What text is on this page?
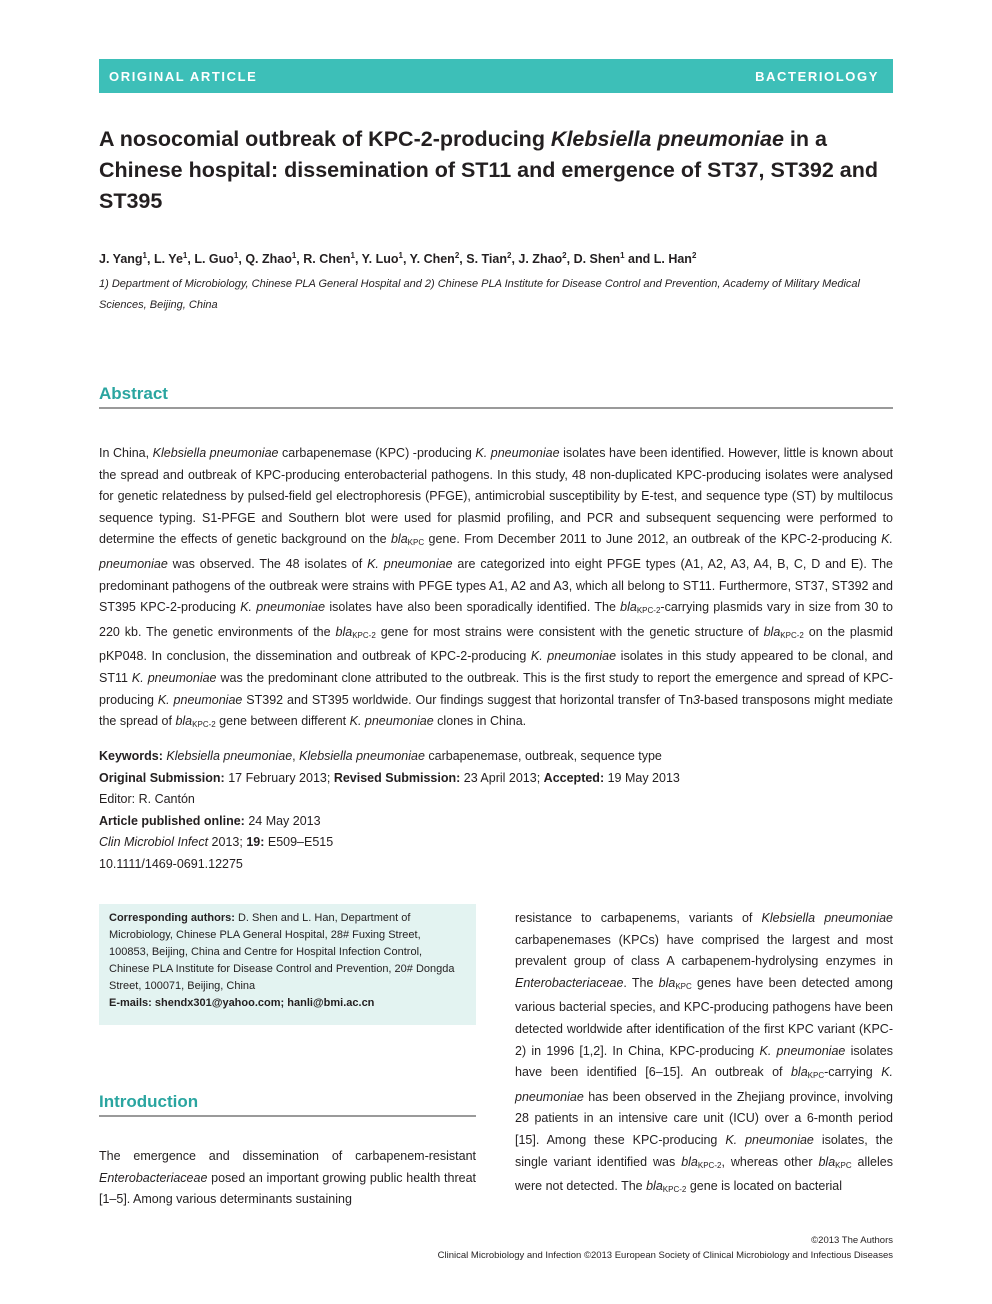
ORIGINAL ARTICLE	BACTERIOLOGY
A nosocomial outbreak of KPC-2-producing Klebsiella pneumoniae in a Chinese hospital: dissemination of ST11 and emergence of ST37, ST392 and ST395
J. Yang$^1$, L. Ye$^1$, L. Guo$^1$, Q. Zhao$^1$, R. Chen$^1$, Y. Luo$^1$, Y. Chen$^2$, S. Tian$^2$, J. Zhao$^2$, D. Shen$^1$ and L. Han$^2$
1) Department of Microbiology, Chinese PLA General Hospital and 2) Chinese PLA Institute for Disease Control and Prevention, Academy of Military Medical Sciences, Beijing, China
Abstract
In China, Klebsiella pneumoniae carbapenemase (KPC) -producing K. pneumoniae isolates have been identified. However, little is known about the spread and outbreak of KPC-producing enterobacterial pathogens. In this study, 48 non-duplicated KPC-producing isolates were analysed for genetic relatedness by pulsed-field gel electrophoresis (PFGE), antimicrobial susceptibility by E-test, and sequence type (ST) by multilocus sequence typing. S1-PFGE and Southern blot were used for plasmid profiling, and PCR and subsequent sequencing were performed to determine the effects of genetic background on the bla$_{KPC}$ gene. From December 2011 to June 2012, an outbreak of the KPC-2-producing K. pneumoniae was observed. The 48 isolates of K. pneumoniae are categorized into eight PFGE types (A1, A2, A3, A4, B, C, D and E). The predominant pathogens of the outbreak were strains with PFGE types A1, A2 and A3, which all belong to ST11. Furthermore, ST37, ST392 and ST395 KPC-2-producing K. pneumoniae isolates have also been sporadically identified. The bla$_{KPC-2}$-carrying plasmids vary in size from 30 to 220 kb. The genetic environments of the bla$_{KPC-2}$ gene for most strains were consistent with the genetic structure of bla$_{KPC-2}$ on the plasmid pKP048. In conclusion, the dissemination and outbreak of KPC-2-producing K. pneumoniae isolates in this study appeared to be clonal, and ST11 K. pneumoniae was the predominant clone attributed to the outbreak. This is the first study to report the emergence and spread of KPC-producing K. pneumoniae ST392 and ST395 worldwide. Our findings suggest that horizontal transfer of Tn3-based transposons might mediate the spread of bla$_{KPC-2}$ gene between different K. pneumoniae clones in China.
Keywords: Klebsiella pneumoniae, Klebsiella pneumoniae carbapenemase, outbreak, sequence type
Original Submission: 17 February 2013; Revised Submission: 23 April 2013; Accepted: 19 May 2013
Editor: R. Cantón
Article published online: 24 May 2013
Clin Microbiol Infect 2013; 19: E509–E515
10.1111/1469-0691.12275
Corresponding authors: D. Shen and L. Han, Department of Microbiology, Chinese PLA General Hospital, 28# Fuxing Street, 100853, Beijing, China and Centre for Hospital Infection Control, Chinese PLA Institute for Disease Control and Prevention, 20# Dongda Street, 100071, Beijing, China
E-mails: shendx301@yahoo.com; hanli@bmi.ac.cn
Introduction
The emergence and dissemination of carbapenem-resistant Enterobacteriaceae posed an important growing public health threat [1–5]. Among various determinants sustaining
resistance to carbapenems, variants of Klebsiella pneumoniae carbapenemases (KPCs) have comprised the largest and most prevalent group of class A carbapenem-hydrolysing enzymes in Enterobacteriaceae. The bla$_{KPC}$ genes have been detected among various bacterial species, and KPC-producing pathogens have been detected worldwide after identification of the first KPC variant (KPC-2) in 1996 [1,2]. In China, KPC-producing K. pneumoniae isolates have been identified [6–15]. An outbreak of bla$_{KPC}$-carrying K. pneumoniae has been observed in the Zhejiang province, involving 28 patients in an intensive care unit (ICU) over a 6-month period [15]. Among these KPC-producing K. pneumoniae isolates, the single variant identified was bla$_{KPC-2}$, whereas other bla$_{KPC}$ alleles were not detected. The bla$_{KPC-2}$ gene is located on bacterial
©2013 The Authors
Clinical Microbiology and Infection ©2013 European Society of Clinical Microbiology and Infectious Diseases
